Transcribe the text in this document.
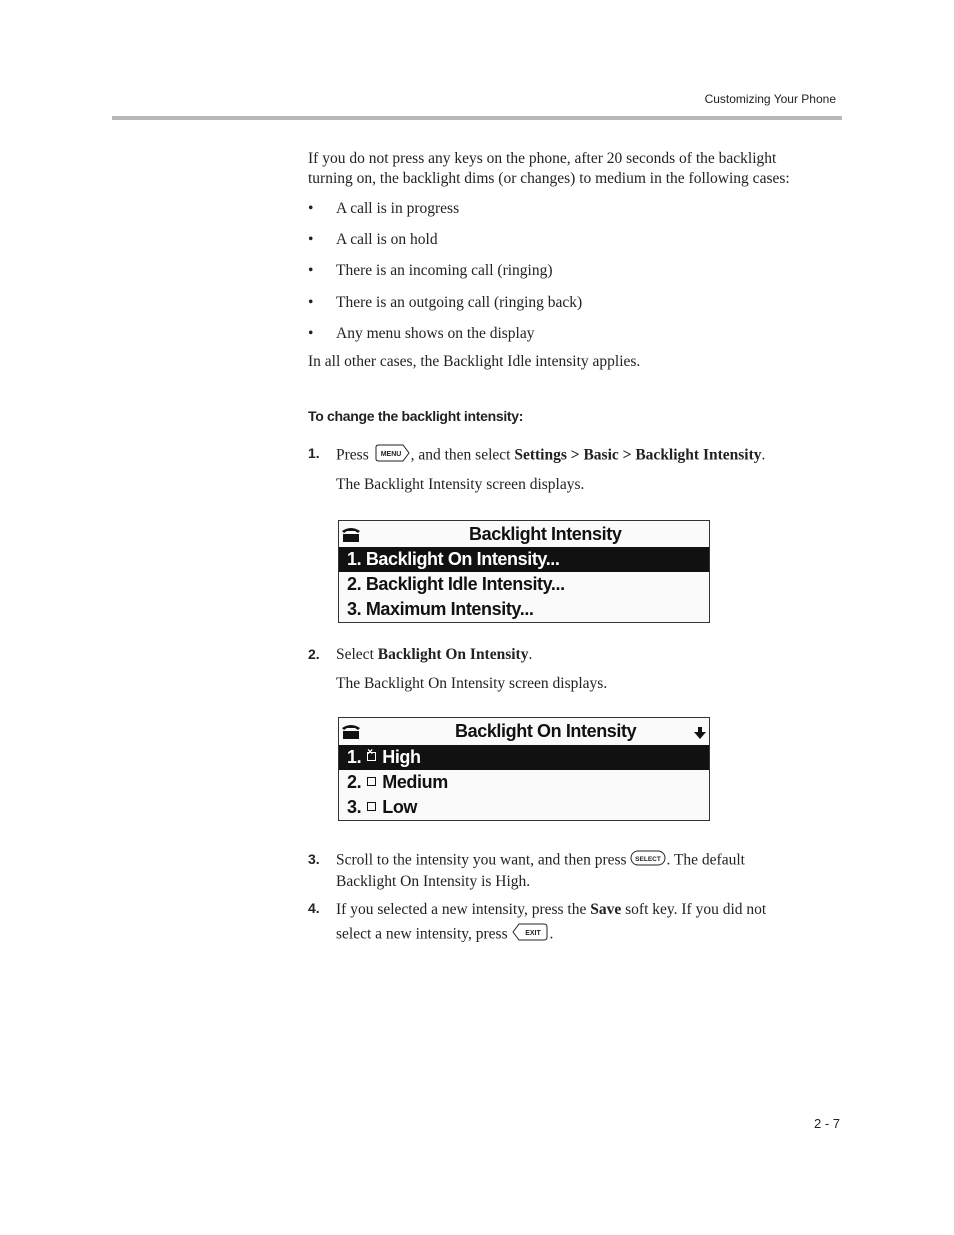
Customizing Your Phone
If you do not press any keys on the phone, after 20 seconds of the backlight
turning on, the backlight dims (or changes) to medium in the following cases:
• A call is in progress
• A call is on hold
• There is an incoming call (ringing)
• There is an outgoing call (ringing back)
• Any menu shows on the display
In all other cases, the Backlight Idle intensity applies.
To change the backlight intensity:
1. Press MENU , and then select Settings > Basic > Backlight Intensity.
The Backlight Intensity screen displays.
Backlight Intensity
1. Backlight On Intensity...
2. Backlight Idle Intensity...
3. Maximum Intensity...
2. Select Backlight On Intensity.
The Backlight On Intensity screen displays.
Backlight On Intensity
1.× High
2. Medium
3. Low
3. Scroll to the intensity you want, and then press SELECT . The default
Backlight On Intensity is High.
4. If you selected a new intensity, press the Save soft key. If you did not
select a new intensity, press	EXIT .
2 - 7
